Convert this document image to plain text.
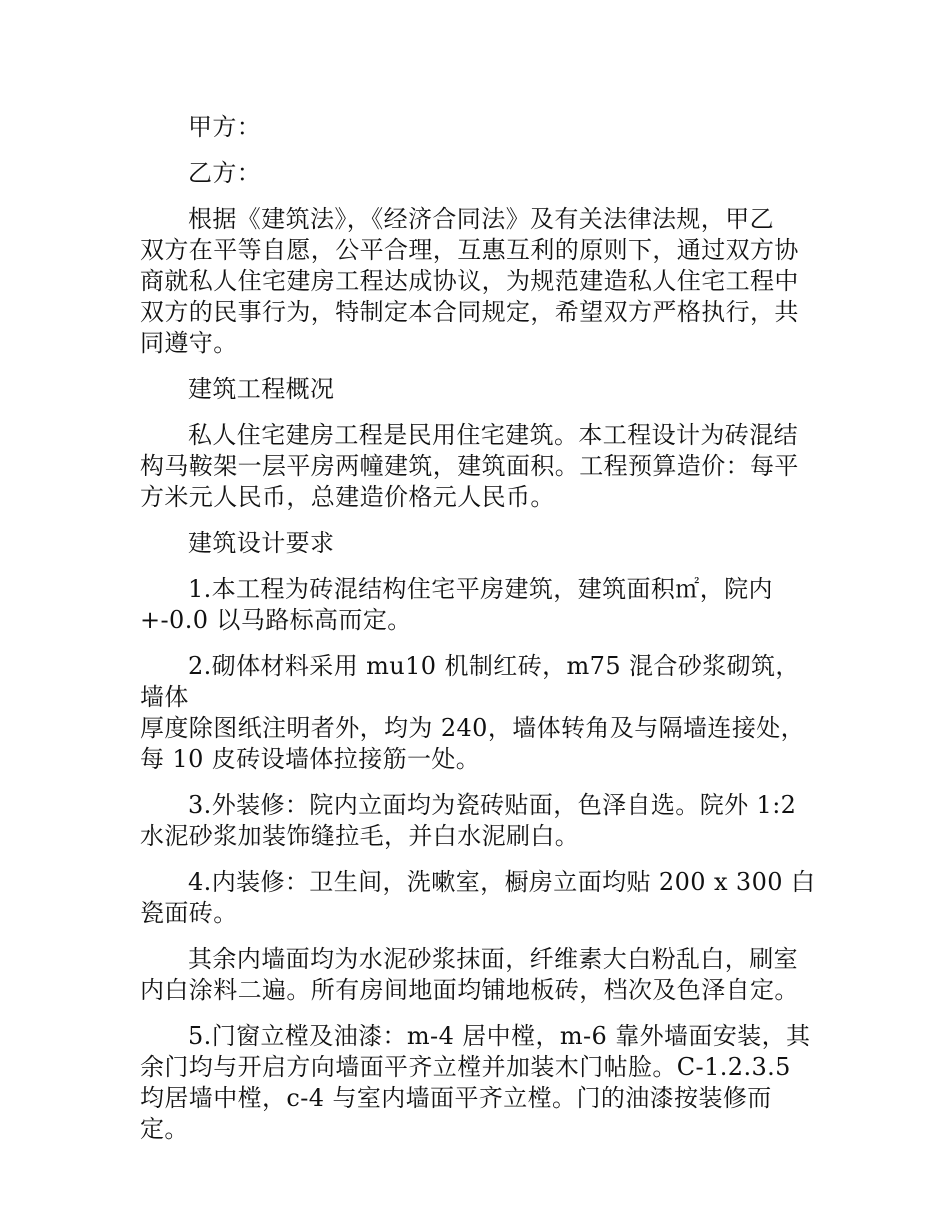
甲方：

乙方：

根据《建筑法》，《经济合同法》及有关法律法规，甲乙
双方在平等自愿，公平合理，互惠互利的原则下，通过双方协
商就私人住宅建房工程达成协议，为规范建造私人住宅工程中
双方的民事行为，特制定本合同规定，希望双方严格执行，共
同遵守。

建筑工程概况

私人住宅建房工程是民用住宅建筑。本工程设计为砖混结
构马鞍架一层平房两幢建筑，建筑面积。工程预算造价：每平
方米元人民币，总建造价格元人民币。

建筑设计要求

1.本工程为砖混结构住宅平房建筑，建筑面积㎡，院内
+-0.0 以马路标高而定。

2.砌体材料采用 mu10 机制红砖，m75 混合砂浆砌筑，墙体
厚度除图纸注明者外，均为 240，墙体转角及与隔墙连接处，
每 10 皮砖设墙体拉接筋一处。

3.外装修：院内立面均为瓷砖贴面，色泽自选。院外 1:2
水泥砂浆加装饰缝拉毛，并白水泥刷白。

4.内装修：卫生间，洗嗽室，橱房立面均贴 200 x 300 白
瓷面砖。

其余内墙面均为水泥砂浆抹面，纤维素大白粉乱白，刷室
内白涂料二遍。所有房间地面均铺地板砖，档次及色泽自定。

5.门窗立樘及油漆：m-4 居中樘，m-6 靠外墙面安装，其
余门均与开启方向墙面平齐立樘并加装木门帖脸。C-1.2.3.5
均居墙中樘，c-4 与室内墙面平齐立樘。门的油漆按装修而定。
